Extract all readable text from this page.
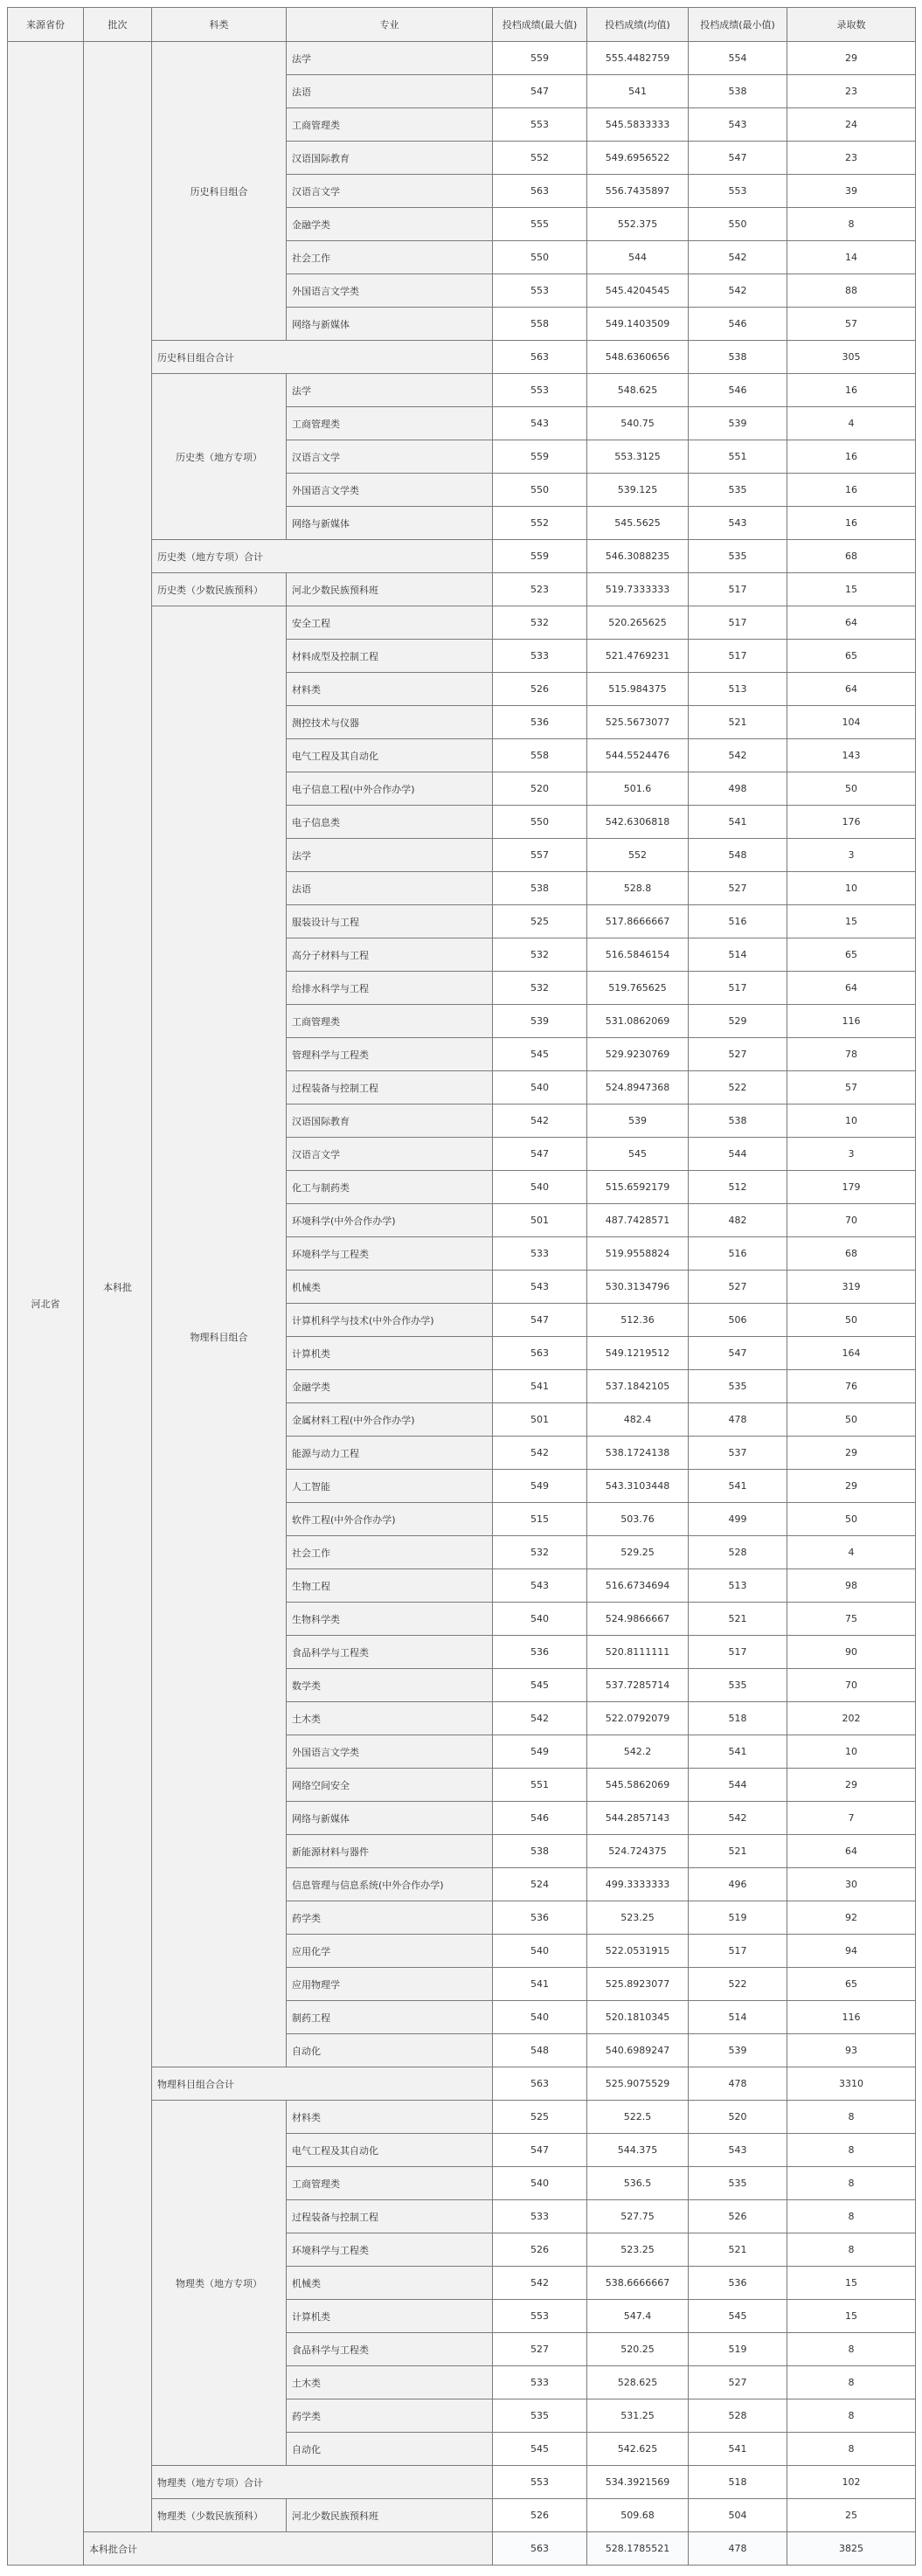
来源省份	批次	科类	专业	投档成绩(最大值)	投档成绩(均值)	投档成绩(最小值)	录取数
河北省	本科批	历史科目组合	法学	559	555.4482759	554	29
			法语	547	541	538	23
			工商管理类	553	545.5833333	543	24
			汉语国际教育	552	549.6956522	547	23
			汉语言文学	563	556.7435897	553	39
			金融学类	555	552.375	550	8
			社会工作	550	544	542	14
			外国语言文学类	553	545.4204545	542	88
			网络与新媒体	558	549.1403509	546	57
		历史科目组合合计		563	548.6360656	538	305
		历史类（地方专项）	法学	553	548.625	546	16
			工商管理类	543	540.75	539	4
			汉语言文学	559	553.3125	551	16
			外国语言文学类	550	539.125	535	16
			网络与新媒体	552	545.5625	543	16
		历史类（地方专项）合计		559	546.3088235	535	68
		历史类（少数民族预科）	河北少数民族预科班	523	519.7333333	517	15
		物理科目组合	安全工程	532	520.265625	517	64
			材料成型及控制工程	533	521.4769231	517	65
			材料类	526	515.984375	513	64
			测控技术与仪器	536	525.5673077	521	104
			电气工程及其自动化	558	544.5524476	542	143
			电子信息工程(中外合作办学)	520	501.6	498	50
			电子信息类	550	542.6306818	541	176
			法学	557	552	548	3
			法语	538	528.8	527	10
			服装设计与工程	525	517.8666667	516	15
			高分子材料与工程	532	516.5846154	514	65
			给排水科学与工程	532	519.765625	517	64
			工商管理类	539	531.0862069	529	116
			管理科学与工程类	545	529.9230769	527	78
			过程装备与控制工程	540	524.8947368	522	57
			汉语国际教育	542	539	538	10
			汉语言文学	547	545	544	3
			化工与制药类	540	515.6592179	512	179
			环境科学(中外合作办学)	501	487.7428571	482	70
			环境科学与工程类	533	519.9558824	516	68
			机械类	543	530.3134796	527	319
			计算机科学与技术(中外合作办学)	547	512.36	506	50
			计算机类	563	549.1219512	547	164
			金融学类	541	537.1842105	535	76
			金属材料工程(中外合作办学)	501	482.4	478	50
			能源与动力工程	542	538.1724138	537	29
			人工智能	549	543.3103448	541	29
			软件工程(中外合作办学)	515	503.76	499	50
			社会工作	532	529.25	528	4
			生物工程	543	516.6734694	513	98
			生物科学类	540	524.9866667	521	75
			食品科学与工程类	536	520.8111111	517	90
			数学类	545	537.7285714	535	70
			土木类	542	522.0792079	518	202
			外国语言文学类	549	542.2	541	10
			网络空间安全	551	545.5862069	544	29
			网络与新媒体	546	544.2857143	542	7
			新能源材料与器件	538	524.724375	521	64
			信息管理与信息系统(中外合作办学)	524	499.3333333	496	30
			药学类	536	523.25	519	92
			应用化学	540	522.0531915	517	94
			应用物理学	541	525.8923077	522	65
			制药工程	540	520.1810345	514	116
			自动化	548	540.6989247	539	93
		物理科目组合合计		563	525.9075529	478	3310
		物理类（地方专项）	材料类	525	522.5	520	8
			电气工程及其自动化	547	544.375	543	8
			工商管理类	540	536.5	535	8
			过程装备与控制工程	533	527.75	526	8
			环境科学与工程类	526	523.25	521	8
			机械类	542	538.6666667	536	15
			计算机类	553	547.4	545	15
			食品科学与工程类	527	520.25	519	8
			土木类	533	528.625	527	8
			药学类	535	531.25	528	8
			自动化	545	542.625	541	8
		物理类（地方专项）合计		553	534.3921569	518	102
		物理类（少数民族预科）	河北少数民族预科班	526	509.68	504	25
	本科批合计			563	528.1785521	478	3825
